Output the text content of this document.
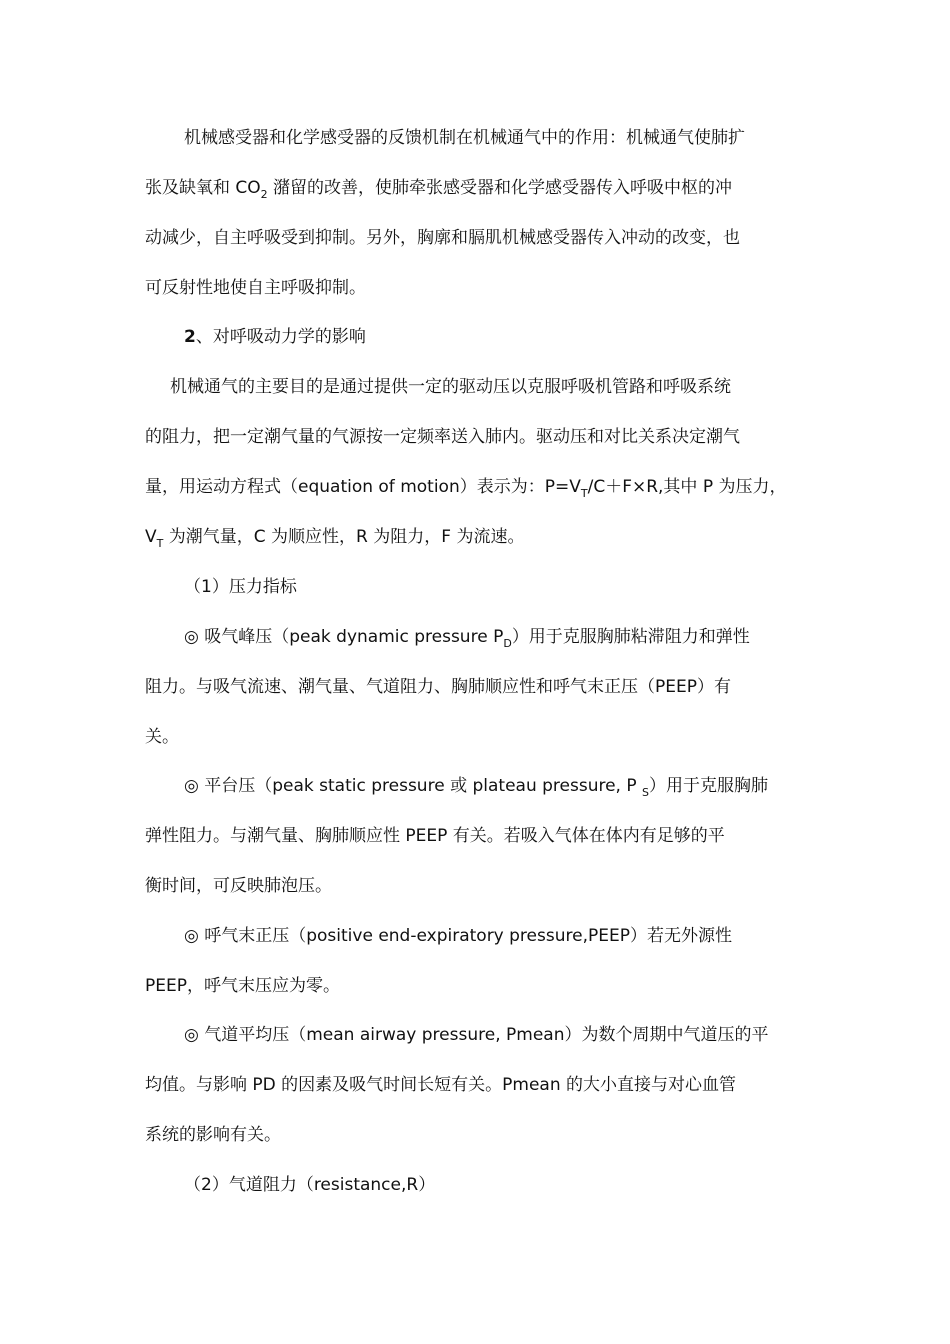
机械感受器和化学感受器的反馈机制在机械通气中的作用：机械通气使肺扩
张及缺氧和 $CO_2$ 潴留的改善，使肺牵张感受器和化学感受器传入呼吸中枢的冲
动减少，自主呼吸受到抑制。另外，胸廓和膈肌机械感受器传入冲动的改变，也
可反射性地使自主呼吸抑制。
2、对呼吸动力学的影响
机械通气的主要目的是通过提供一定的驱动压以克服呼吸机管路和呼吸系统
的阻力，把一定潮气量的气源按一定频率送入肺内。驱动压和对比关系决定潮气
量，用运动方程式（equation of motion）表示为：$P=V_T/C+F\times R$,其中 P 为压力，
$V_T$ 为潮气量，C 为顺应性，R 为阻力，F 为流速。
（1）压力指标
◎ 吸气峰压（peak dynamic pressure $P_D$）用于克服胸肺粘滞阻力和弹性
阻力。与吸气流速、潮气量、气道阻力、胸肺顺应性和呼气末正压（PEEP）有
关。
◎ 平台压（peak static pressure 或 plateau pressure, P $_S$）用于克服胸肺
弹性阻力。与潮气量、胸肺顺应性 PEEP 有关。若吸入气体在体内有足够的平
衡时间，可反映肺泡压。
◎ 呼气末正压（positive end-expiratory pressure,PEEP）若无外源性
PEEP，呼气末压应为零。
◎ 气道平均压（mean airway pressure, Pmean）为数个周期中气道压的平
均值。与影响 PD 的因素及吸气时间长短有关。Pmean 的大小直接与对心血管
系统的影响有关。
（2）气道阻力（resistance,R）
